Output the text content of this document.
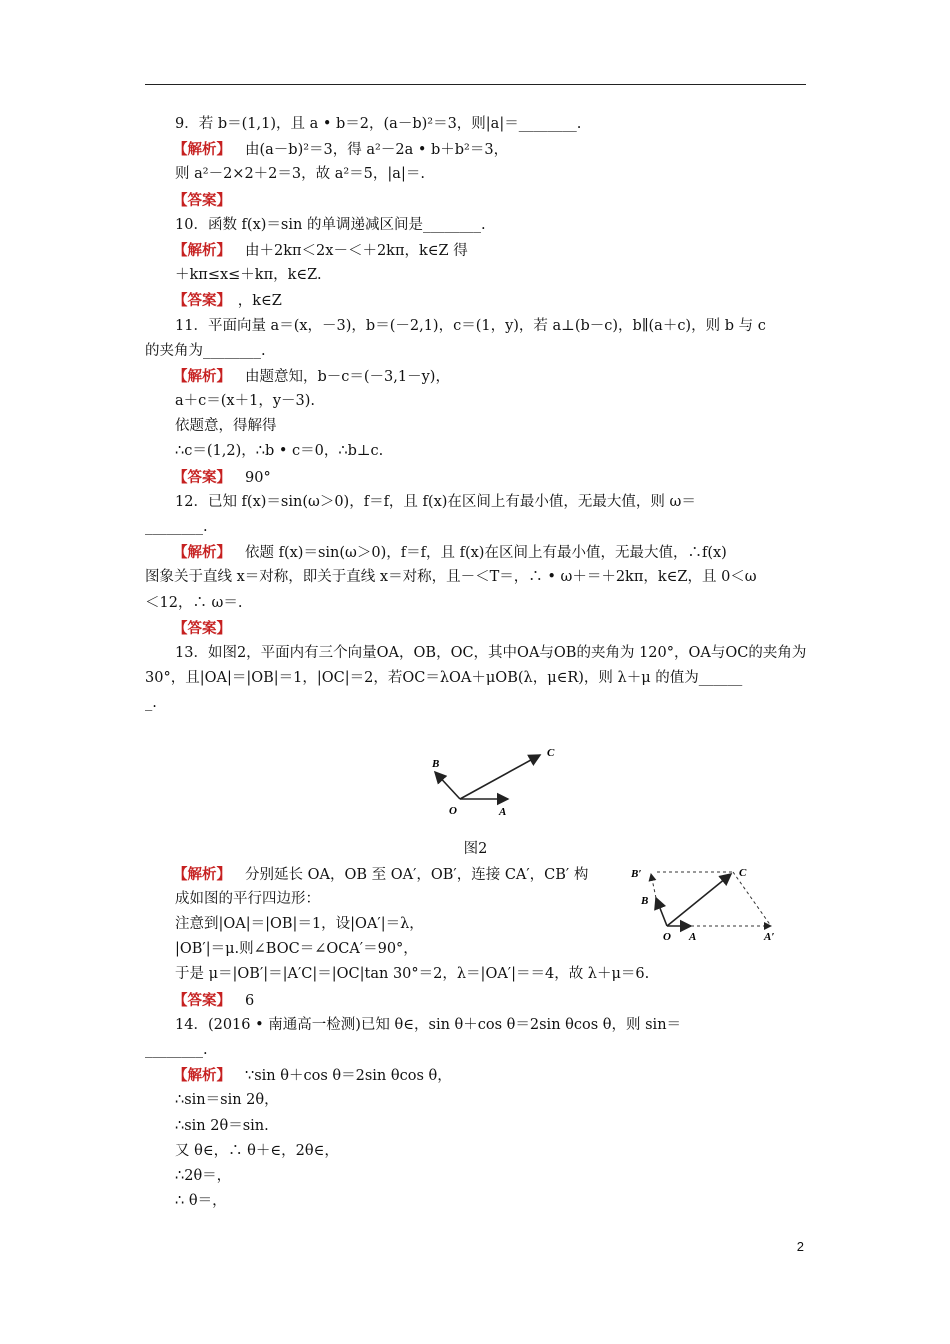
9．若 b＝(1,1)，且 a • b＝2，(a－b)²＝3，则|a|＝________.
【解析】 由(a－b)²＝3，得 a²－2a • b＋b²＝3，
则 a²－2×2＋2＝3，故 a²＝5，|a|＝.
【答案】
10．函数 f(x)＝sin 的单调递减区间是________.
【解析】 由＋2kπ＜2x－＜＋2kπ，k∈Z 得
＋kπ≤x≤＋kπ，k∈Z.
【答案】 ，k∈Z
11．平面向量 a＝(x，－3)，b＝(－2,1)，c＝(1，y)，若 a⊥(b－c)，b∥(a＋c)，则 b 与 c
的夹角为________.
【解析】 由题意知，b－c＝(－3,1－y)，
a＋c＝(x＋1，y－3).
依题意，得解得
∴c＝(1,2)，∴b • c＝0，∴b⊥c.
【答案】 90°
12．已知 f(x)＝sin(ω＞0)，f＝f，且 f(x)在区间上有最小值，无最大值，则 ω＝
________.
【解析】 依题 f(x)＝sin(ω＞0)，f＝f，且 f(x)在区间上有最小值，无最大值，∴f(x)
图象关于直线 x＝对称，即关于直线 x＝对称，且－＜T＝，∴ • ω＋＝＋2kπ，k∈Z，且 0＜ω
＜12，∴ ω＝.
【答案】
13．如图2，平面内有三个向量OA，OB，OC，其中OA与OB的夹角为 120°，OA与OC的夹角为
30°，且|OA|＝|OB|＝1，|OC|＝2，若OC＝λOA＋μOB(λ，μ∈R)，则 λ＋μ 的值为______
_.
B
C
O	A
图2
【解析】 分别延长 OA，OB 至 OA′，OB′，连接 CA′，CB′ 构
成如图的平行四边形：
注意到|OA|＝|OB|＝1，设|OA′|＝λ，
|OB′|＝μ.则∠BOC＝∠OCA′＝90°，
于是 μ＝|OB′|＝|A′C|＝|OC|tan 30°＝2，λ＝|OA′|＝＝4，故 λ＋μ＝6.
B′	C
B
O A	A′
【答案】 6
14．(2016 • 南通高一检测)已知 θ∈，sin θ＋cos θ＝2sin θcos θ，则 sin＝
________.
【解析】 ∵sin θ＋cos θ＝2sin θcos θ，
∴sin＝sin 2θ，
∴sin 2θ＝sin.
又 θ∈，∴ θ＋∈，2θ∈，
∴2θ＝，
∴ θ＝，
2
